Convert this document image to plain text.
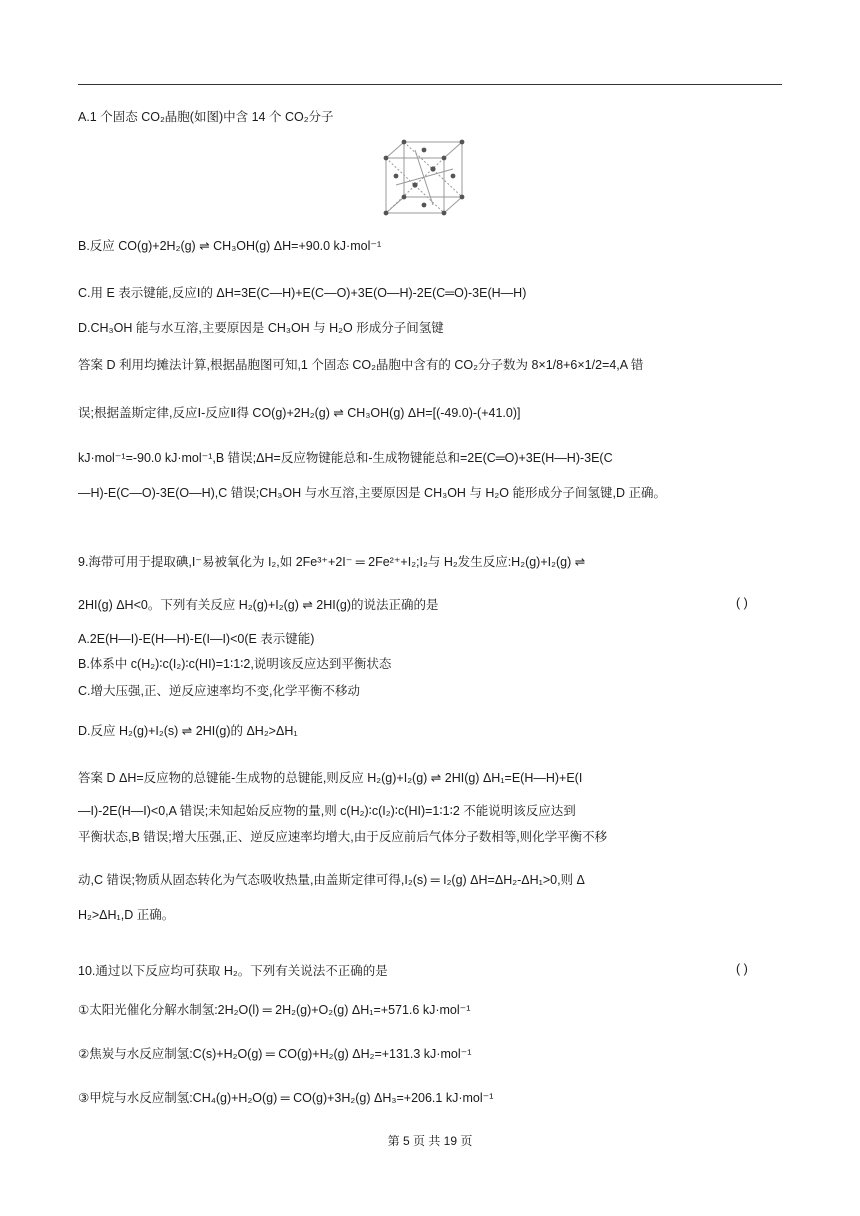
A.1 个固态 CO₂晶胞(如图)中含 14 个 CO₂分子
B.反应 CO(g)+2H₂(g) ⇌ CH₃OH(g) ΔH=+90.0 kJ·mol⁻¹
C.用 E 表示键能,反应Ⅰ的 ΔH=3E(C—H)+E(C—O)+3E(O—H)-2E(C═O)-3E(H—H)
D.CH₃OH 能与水互溶,主要原因是 CH₃OH 与 H₂O 形成分子间氢键
答案 D 利用均摊法计算,根据晶胞图可知,1 个固态 CO₂晶胞中含有的 CO₂分子数为 8×1/8+6×1/2=4,A 错
误;根据盖斯定律,反应Ⅰ-反应Ⅱ得 CO(g)+2H₂(g) ⇌ CH₃OH(g) ΔH=[(-49.0)-(+41.0)]
kJ·mol⁻¹=-90.0 kJ·mol⁻¹,B 错误;ΔH=反应物键能总和-生成物键能总和=2E(C═O)+3E(H—H)-3E(C
—H)-E(C—O)-3E(O—H),C 错误;CH₃OH 与水互溶,主要原因是 CH₃OH 与 H₂O 能形成分子间氢键,D 正确。
9.海带可用于提取碘,I⁻易被氧化为 I₂,如 2Fe³⁺+2I⁻ ═ 2Fe²⁺+I₂;I₂与 H₂发生反应:H₂(g)+I₂(g) ⇌
2HI(g) ΔH<0。下列有关反应 H₂(g)+I₂(g) ⇌ 2HI(g)的说法正确的是	( )
A.2E(H—I)-E(H—H)-E(I—I)<0(E 表示键能)
B.体系中 c(H₂)∶c(I₂)∶c(HI)=1∶1∶2,说明该反应达到平衡状态
C.增大压强,正、逆反应速率均不变,化学平衡不移动
D.反应 H₂(g)+I₂(s) ⇌ 2HI(g)的 ΔH₂>ΔH₁
答案 D ΔH=反应物的总键能-生成物的总键能,则反应 H₂(g)+I₂(g) ⇌ 2HI(g) ΔH₁=E(H—H)+E(I
—I)-2E(H—I)<0,A 错误;未知起始反应物的量,则 c(H₂)∶c(I₂)∶c(HI)=1∶1∶2 不能说明该反应达到
平衡状态,B 错误;增大压强,正、逆反应速率均增大,由于反应前后气体分子数相等,则化学平衡不移
动,C 错误;物质从固态转化为气态吸收热量,由盖斯定律可得,I₂(s) ═ I₂(g) ΔH=ΔH₂-ΔH₁>0,则 Δ
H₂>ΔH₁,D 正确。
10.通过以下反应均可获取 H₂。下列有关说法不正确的是	( )
①太阳光催化分解水制氢:2H₂O(l) ═ 2H₂(g)+O₂(g) ΔH₁=+571.6 kJ·mol⁻¹
②焦炭与水反应制氢:C(s)+H₂O(g) ═ CO(g)+H₂(g) ΔH₂=+131.3 kJ·mol⁻¹
③甲烷与水反应制氢:CH₄(g)+H₂O(g) ═ CO(g)+3H₂(g) ΔH₃=+206.1 kJ·mol⁻¹
第 5 页 共 19 页
